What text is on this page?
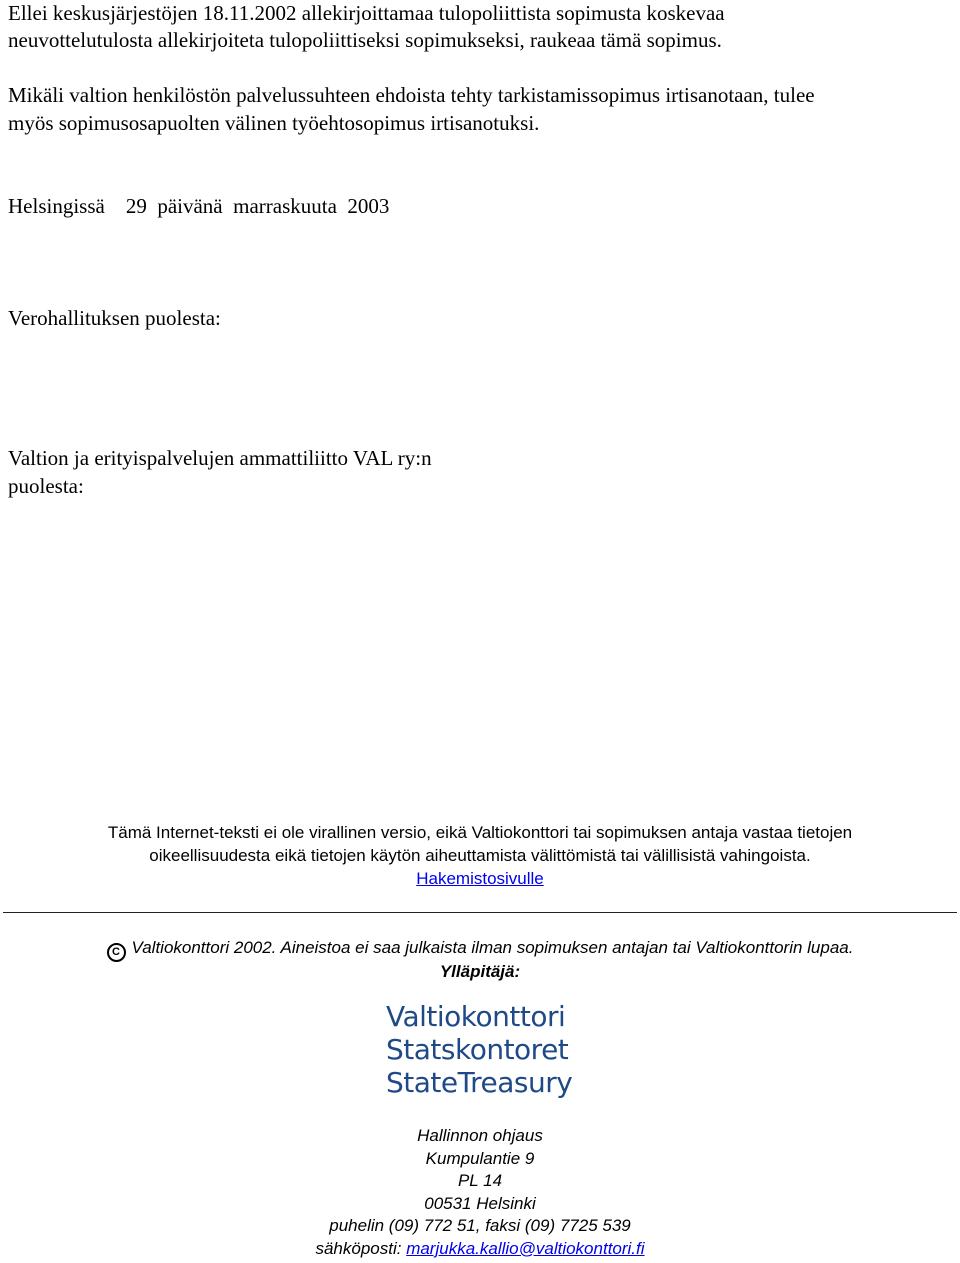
Ellei keskusjärjestöjen 18.11.2002 allekirjoittamaa tulopoliittista sopimusta koskevaa

neuvottelutulosta allekirjoiteta tulopoliittiseksi sopimukseksi, raukeaa tämä sopimus.

Mikäli valtion henkilöstön palvelussuhteen ehdoista tehty tarkistamissopimus irtisanotaan, tulee

myös sopimusosapuolten välinen työehtosopimus irtisanotuksi.

Helsingissä    29  päivänä  marraskuuta  2003

Verohallituksen puolesta:

Valtion ja erityispalvelujen ammattiliitto VAL ry:n

puolesta:

Tämä Internet-teksti ei ole virallinen versio, eikä Valtiokonttori tai sopimuksen antaja vastaa tietojen

oikeellisuudesta eikä tietojen käytön aiheuttamista välittömistä tai välillisistä vahingoista.

Hakemistosivulle

C Valtiokonttori 2002. Aineistoa ei saa julkaista ilman sopimuksen antajan tai Valtiokonttorin lupaa.
Ylläpitäjä:
Valtiokonttori
Statskontoret
StateTreasury
Hallinnon ohjaus
Kumpulantie 9
PL 14
00531 Helsinki
puhelin (09) 772 51, faksi (09) 7725 539
sähköposti: marjukka.kallio@valtiokonttori.fi
